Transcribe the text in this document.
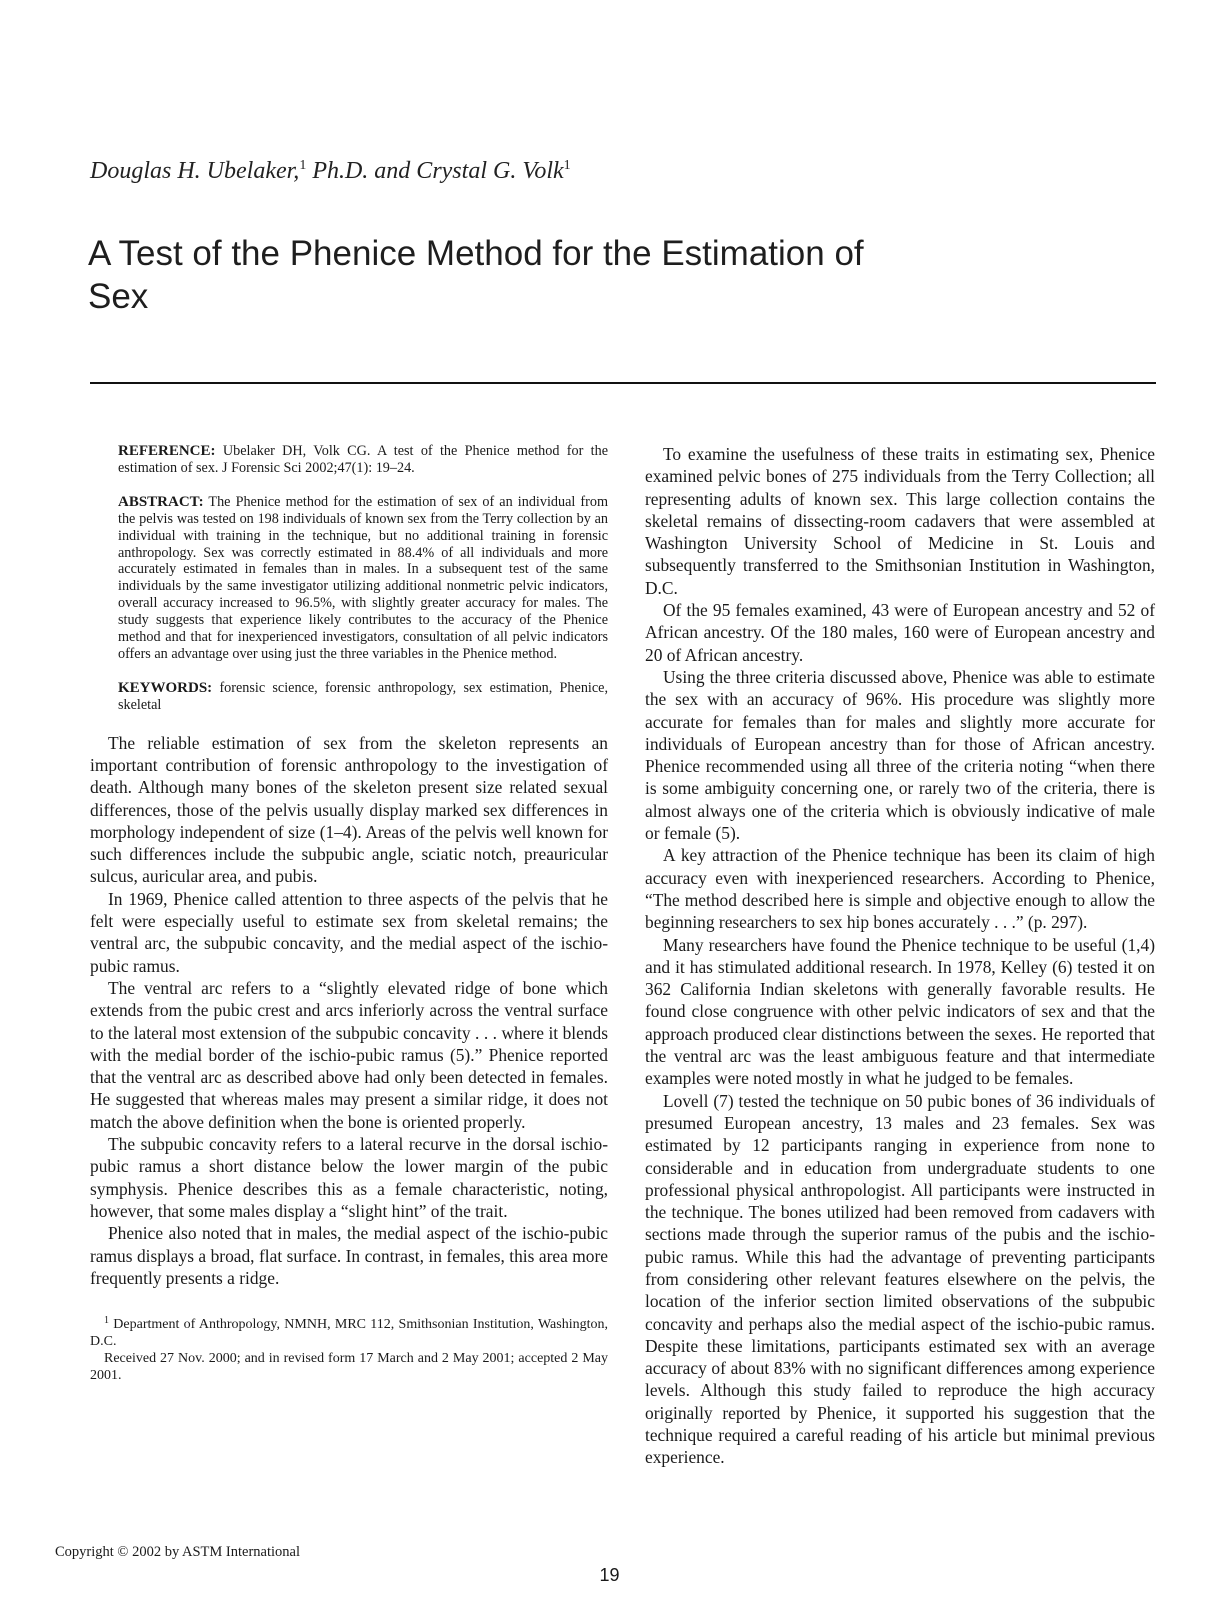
Douglas H. Ubelaker,$^1$ Ph.D. and Crystal G. Volk$^1$
A Test of the Phenice Method for the Estimation of Sex

REFERENCE: Ubelaker DH, Volk CG. A test of the Phenice method for the estimation of sex. J Forensic Sci 2002;47(1): 19–24.

ABSTRACT: The Phenice method for the estimation of sex of an individual from the pelvis was tested on 198 individuals of known sex from the Terry collection by an individual with training in the technique, but no additional training in forensic anthropology. Sex was correctly estimated in 88.4% of all individuals and more accurately estimated in females than in males. In a subsequent test of the same individuals by the same investigator utilizing additional nonmetric pelvic indicators, overall accuracy increased to 96.5%, with slightly greater accuracy for males. The study suggests that experience likely contributes to the accuracy of the Phenice method and that for inexperienced investigators, consultation of all pelvic indicators offers an advantage over using just the three variables in the Phenice method.

KEYWORDS: forensic science, forensic anthropology, sex estimation, Phenice, skeletal

The reliable estimation of sex from the skeleton represents an important contribution of forensic anthropology to the investigation of death. Although many bones of the skeleton present size related sexual differences, those of the pelvis usually display marked sex differences in morphology independent of size (1–4). Areas of the pelvis well known for such differences include the subpubic angle, sciatic notch, preauricular sulcus, auricular area, and pubis.

In 1969, Phenice called attention to three aspects of the pelvis that he felt were especially useful to estimate sex from skeletal remains; the ventral arc, the subpubic concavity, and the medial aspect of the ischio-pubic ramus.

The ventral arc refers to a “slightly elevated ridge of bone which extends from the pubic crest and arcs inferiorly across the ventral surface to the lateral most extension of the subpubic concavity . . . where it blends with the medial border of the ischio-pubic ramus (5).” Phenice reported that the ventral arc as described above had only been detected in females. He suggested that whereas males may present a similar ridge, it does not match the above definition when the bone is oriented properly.

The subpubic concavity refers to a lateral recurve in the dorsal ischio-pubic ramus a short distance below the lower margin of the pubic symphysis. Phenice describes this as a female characteristic, noting, however, that some males display a “slight hint” of the trait.

Phenice also noted that in males, the medial aspect of the ischio-pubic ramus displays a broad, flat surface. In contrast, in females, this area more frequently presents a ridge.

$^1$ Department of Anthropology, NMNH, MRC 112, Smithsonian Institution, Washington, D.C.

Received 27 Nov. 2000; and in revised form 17 March and 2 May 2001; accepted 2 May 2001.

To examine the usefulness of these traits in estimating sex, Phenice examined pelvic bones of 275 individuals from the Terry Collection; all representing adults of known sex. This large collection contains the skeletal remains of dissecting-room cadavers that were assembled at Washington University School of Medicine in St. Louis and subsequently transferred to the Smithsonian Institution in Washington, D.C.

Of the 95 females examined, 43 were of European ancestry and 52 of African ancestry. Of the 180 males, 160 were of European ancestry and 20 of African ancestry.

Using the three criteria discussed above, Phenice was able to estimate the sex with an accuracy of 96%. His procedure was slightly more accurate for females than for males and slightly more accurate for individuals of European ancestry than for those of African ancestry. Phenice recommended using all three of the criteria noting “when there is some ambiguity concerning one, or rarely two of the criteria, there is almost always one of the criteria which is obviously indicative of male or female (5).

A key attraction of the Phenice technique has been its claim of high accuracy even with inexperienced researchers. According to Phenice, “The method described here is simple and objective enough to allow the beginning researchers to sex hip bones accurately . . .” (p. 297).

Many researchers have found the Phenice technique to be useful (1,4) and it has stimulated additional research. In 1978, Kelley (6) tested it on 362 California Indian skeletons with generally favorable results. He found close congruence with other pelvic indicators of sex and that the approach produced clear distinctions between the sexes. He reported that the ventral arc was the least ambiguous feature and that intermediate examples were noted mostly in what he judged to be females.

Lovell (7) tested the technique on 50 pubic bones of 36 individuals of presumed European ancestry, 13 males and 23 females. Sex was estimated by 12 participants ranging in experience from none to considerable and in education from undergraduate students to one professional physical anthropologist. All participants were instructed in the technique. The bones utilized had been removed from cadavers with sections made through the superior ramus of the pubis and the ischio-pubic ramus. While this had the advantage of preventing participants from considering other relevant features elsewhere on the pelvis, the location of the inferior section limited observations of the subpubic concavity and perhaps also the medial aspect of the ischio-pubic ramus. Despite these limitations, participants estimated sex with an average accuracy of about 83% with no significant differences among experience levels. Although this study failed to reproduce the high accuracy originally reported by Phenice, it supported his suggestion that the technique required a careful reading of his article but minimal previous experience.

Copyright © 2002 by ASTM International
19
